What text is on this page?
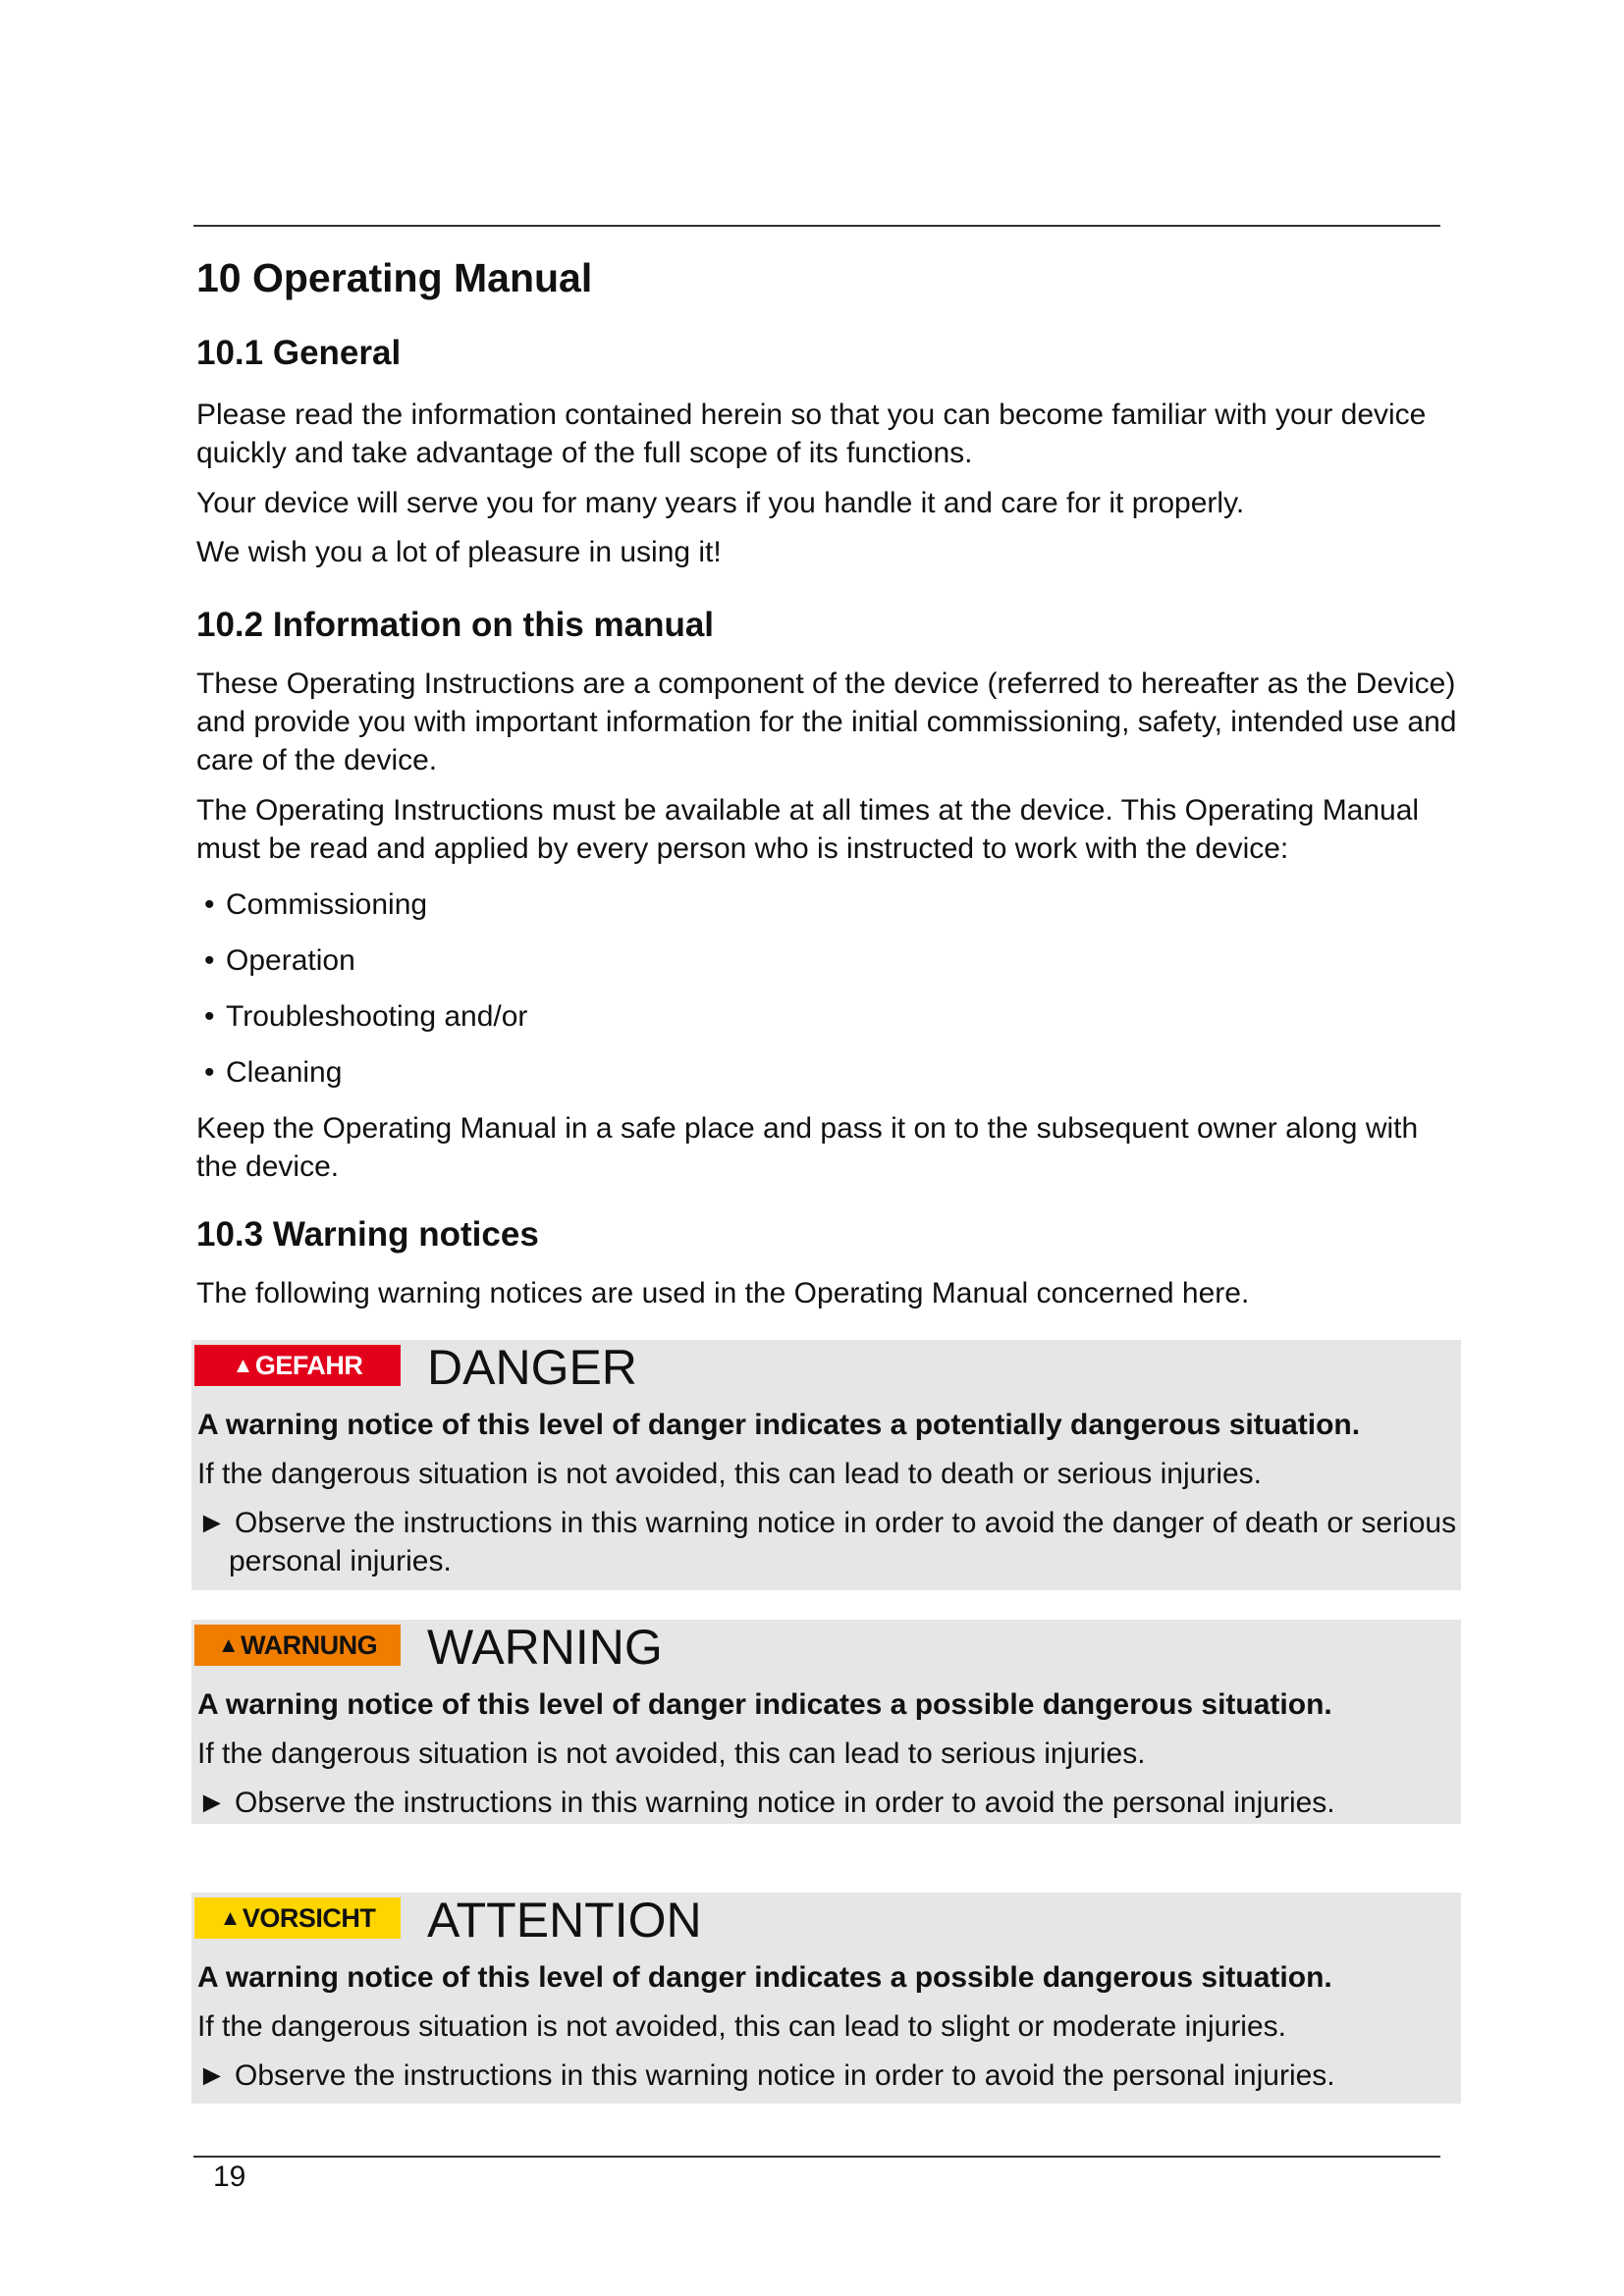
10 Operating Manual
10.1 General

Please read the information contained herein so that you can become familiar with your device quickly and take advantage of the full scope of its functions.

Your device will serve you for many years if you handle it and care for it properly.

We wish you a lot of pleasure in using it!

10.2 Information on this manual

These Operating Instructions are a component of the device (referred to hereafter as the Device) and provide you with important information for the initial commissioning, safety, intended use and care of the device.

The Operating Instructions must be available at all times at the device. This Operating Manual must be read and applied by every person who is instructed to work with the device:

• Commissioning

• Operation

• Troubleshooting and/or

• Cleaning

Keep the Operating Manual in a safe place and pass it on to the subsequent owner along with the device.

10.3 Warning notices

The following warning notices are used in the Operating Manual concerned here.

▲ GEFAHR DANGER
A warning notice of this level of danger indicates a potentially dangerous situation.
If the dangerous situation is not avoided, this can lead to death or serious injuries.
► Observe the instructions in this warning notice in order to avoid the danger of death or serious personal injuries.
▲ WARNUNG WARNING
A warning notice of this level of danger indicates a possible dangerous situation.
If the dangerous situation is not avoided, this can lead to serious injuries.
► Observe the instructions in this warning notice in order to avoid the personal injuries.
▲ VORSICHT ATTENTION
A warning notice of this level of danger indicates a possible dangerous situation.
If the dangerous situation is not avoided, this can lead to slight or moderate injuries.
► Observe the instructions in this warning notice in order to avoid the personal injuries.
19
